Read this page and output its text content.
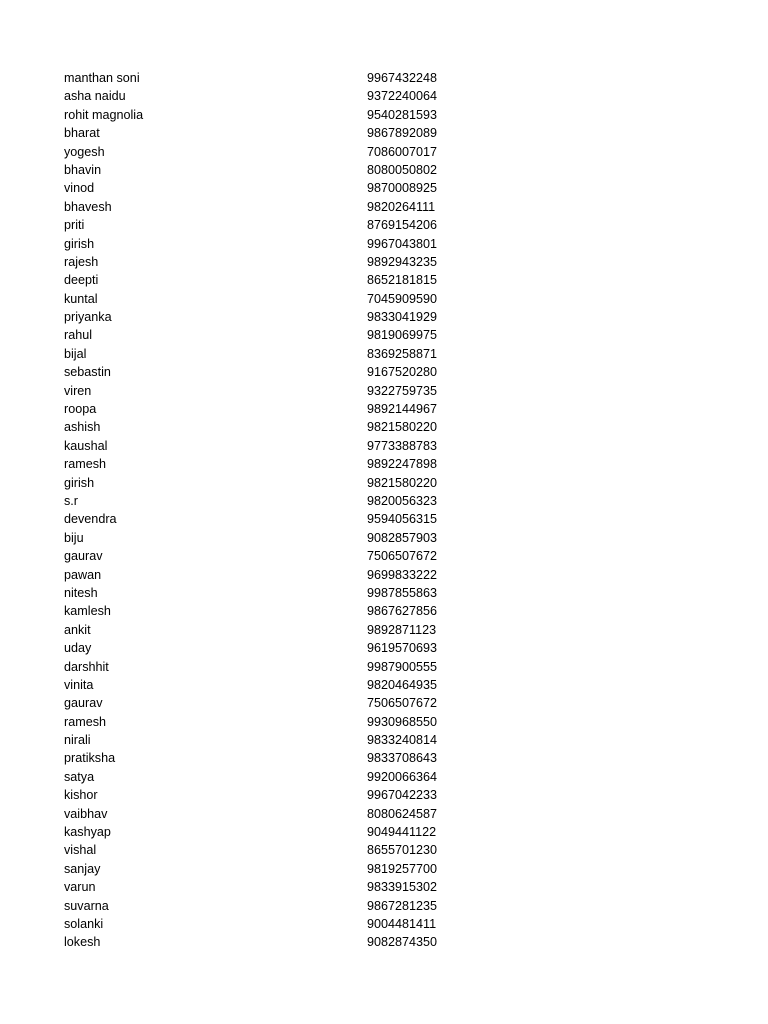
manthan soni	9967432248
asha naidu	9372240064
rohit magnolia	9540281593
bharat	9867892089
yogesh	7086007017
bhavin	8080050802
vinod	9870008925
bhavesh	9820264111
priti	8769154206
girish	9967043801
rajesh	9892943235
deepti	8652181815
kuntal	7045909590
priyanka	9833041929
rahul	9819069975
bijal	8369258871
sebastin	9167520280
viren	9322759735
roopa	9892144967
ashish	9821580220
kaushal	9773388783
ramesh	9892247898
girish	9821580220
s.r	9820056323
devendra	9594056315
biju	9082857903
gaurav	7506507672
pawan	9699833222
nitesh	9987855863
kamlesh	9867627856
ankit	9892871123
uday	9619570693
darshhit	9987900555
vinita	9820464935
gaurav	7506507672
ramesh	9930968550
nirali	9833240814
pratiksha	9833708643
satya	9920066364
kishor	9967042233
vaibhav	8080624587
kashyap	9049441122
vishal	8655701230
sanjay	9819257700
varun	9833915302
suvarna	9867281235
solanki	9004481411
lokesh	9082874350
